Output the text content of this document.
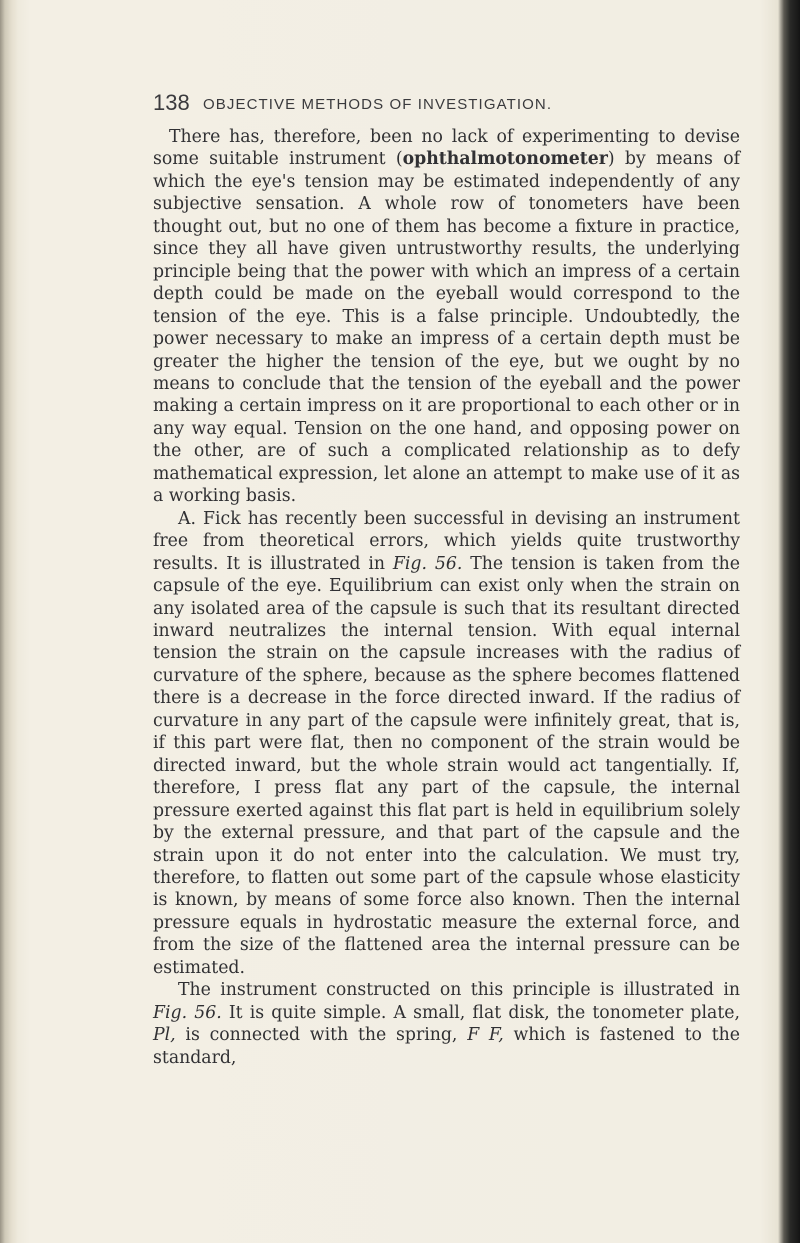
138 OBJECTIVE METHODS OF INVESTIGATION.

There has, therefore, been no lack of experimenting to devise some suitable instrument (ophthalmotonometer) by means of which the eye's tension may be estimated independently of any subjective sensation. A whole row of tonometers have been thought out, but no one of them has become a fixture in practice, since they all have given untrustworthy results, the underlying principle being that the power with which an impress of a certain depth could be made on the eyeball would correspond to the tension of the eye. This is a false principle. Undoubtedly, the power necessary to make an impress of a certain depth must be greater the higher the tension of the eye, but we ought by no means to conclude that the tension of the eyeball and the power making a certain impress on it are proportional to each other or in any way equal. Tension on the one hand, and opposing power on the other, are of such a complicated relationship as to defy mathematical expression, let alone an attempt to make use of it as a working basis.

A. Fick has recently been successful in devising an instrument free from theoretical errors, which yields quite trustworthy results. It is illustrated in Fig. 56. The tension is taken from the capsule of the eye. Equilibrium can exist only when the strain on any isolated area of the capsule is such that its resultant directed inward neutralizes the internal tension. With equal internal tension the strain on the capsule increases with the radius of curvature of the sphere, because as the sphere becomes flattened there is a decrease in the force directed inward. If the radius of curvature in any part of the capsule were infinitely great, that is, if this part were flat, then no component of the strain would be directed inward, but the whole strain would act tangentially. If, therefore, I press flat any part of the capsule, the internal pressure exerted against this flat part is held in equilibrium solely by the external pressure, and that part of the capsule and the strain upon it do not enter into the calculation. We must try, therefore, to flatten out some part of the capsule whose elasticity is known, by means of some force also known. Then the internal pressure equals in hydrostatic measure the external force, and from the size of the flattened area the internal pressure can be estimated.

The instrument constructed on this principle is illustrated in Fig. 56. It is quite simple. A small, flat disk, the tonometer plate, Pl, is connected with the spring, F F, which is fastened to the standard,
